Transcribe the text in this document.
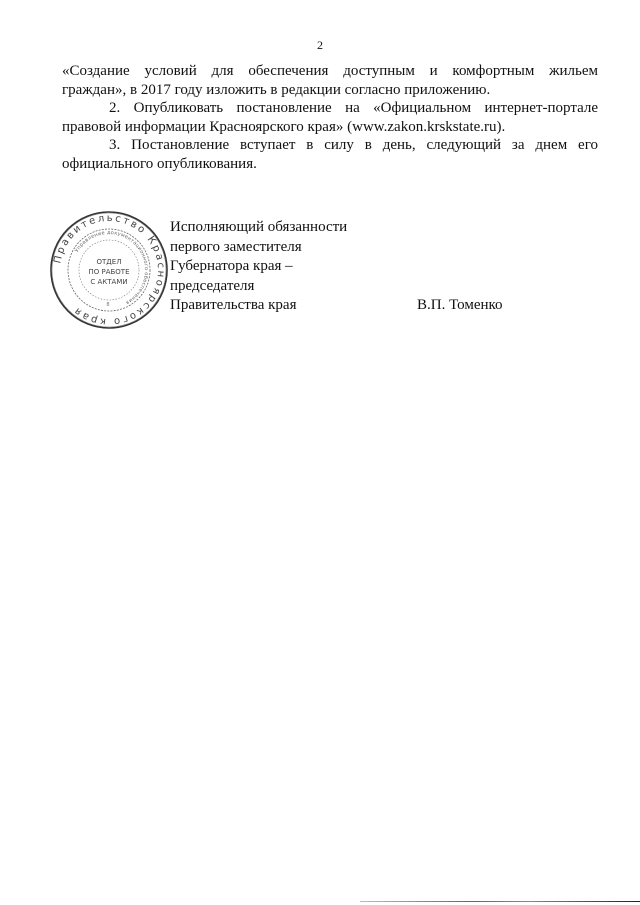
2

«Создание условий для обеспечения доступным и комфортным жильем
граждан», в 2017 году изложить в редакции согласно приложению.

2. Опубликовать постановление на «Официальном интернет-портале правовой информации Красноярского края» (www.zakon.krskstate.ru).

3. Постановление вступает в силу в день, следующий за днем его официального опубликования.

Правительство Красноярского края
Управление документационного обеспечения
ОТДЕЛ
ПО РАБОТЕ
С АКТАМИ
8
Исполняющий обязанности
первого заместителя
Губернатора края –
председателя
Правительства края	В.П. Томенко
